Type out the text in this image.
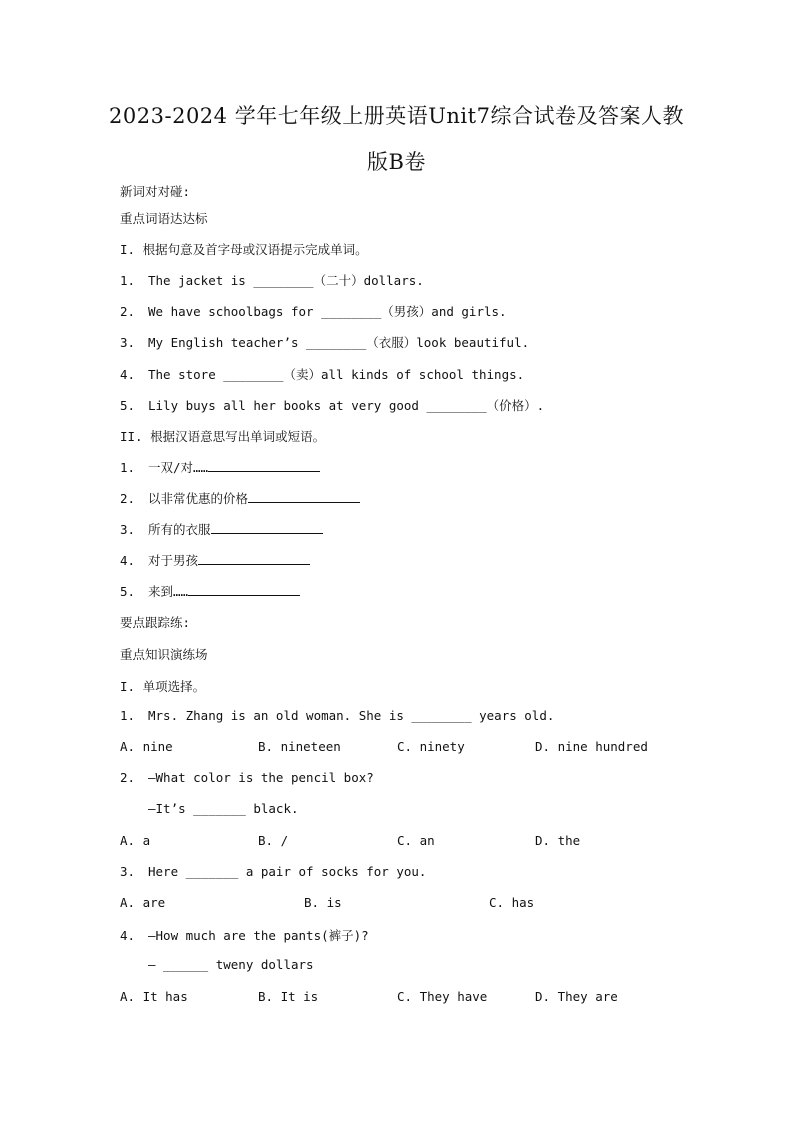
2023-2024 学年七年级上册英语Unit7综合试卷及答案人教
版B卷
新词对对碰:
重点词语达达标
I. 根据句意及首字母或汉语提示完成单词。
1. The jacket is ________（二十）dollars.
2. We have schoolbags for ________（男孩）and girls.
3. My English teacher’s ________（衣服）look beautiful.
4. The store ________（卖）all kinds of school things.
5. Lily buys all her books at very good ________（价格）.
II. 根据汉语意思写出单词或短语。
1. 一双/对……
2. 以非常优惠的价格
3. 所有的衣服
4. 对于男孩
5. 来到……
要点跟踪练:
重点知识演练场
I. 单项选择。
1. Mrs. Zhang is an old woman. She is ________ years old.
A. nine	B. nineteen	C. ninety	D. nine hundred
2. —What color is the pencil box?
—It’s _______ black.
A. a	B. /	C. an	D. the
3. Here _______ a pair of socks for you.
A. are	B. is	C. has
4. —How much are the pants(裤子)?
— ______ tweny dollars
A. It has	B. It is	C. They have	D. They are
